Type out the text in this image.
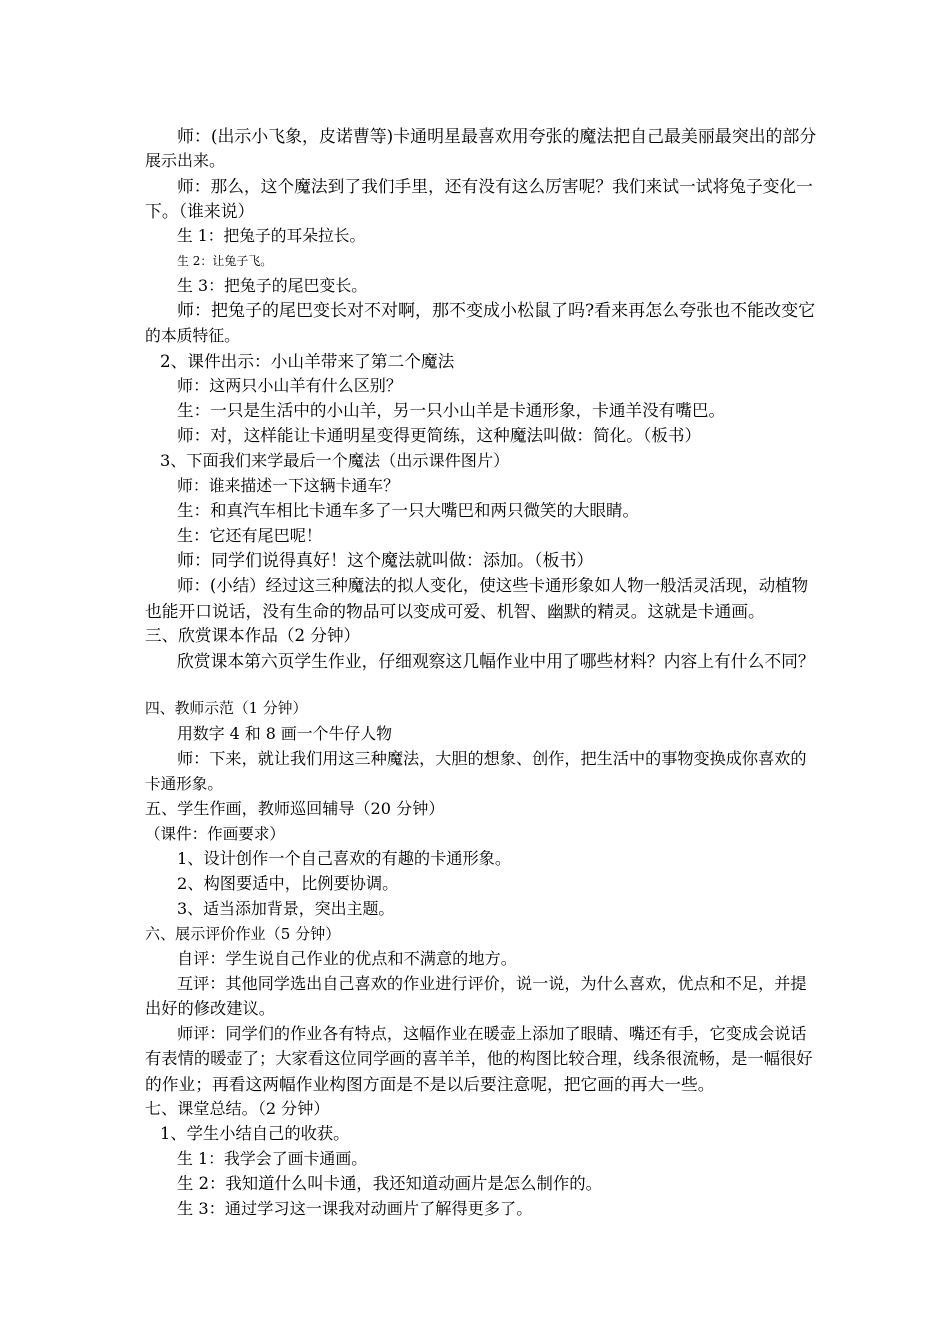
师：(出示小飞象，皮诺曹等)卡通明星最喜欢用夸张的魔法把自己最美丽最突出的部分
展示出来。
师：那么，这个魔法到了我们手里，还有没有这么厉害呢？我们来试一试将兔子变化一
下。（谁来说）
生 1：把兔子的耳朵拉长。
生 2：让兔子飞。
生 3：把兔子的尾巴变长。
师：把兔子的尾巴变长对不对啊，那不变成小松鼠了吗?看来再怎么夸张也不能改变它
的本质特征。
2、课件出示：小山羊带来了第二个魔法
师：这两只小山羊有什么区别？
生：一只是生活中的小山羊，另一只小山羊是卡通形象，卡通羊没有嘴巴。
师：对，这样能让卡通明星变得更简练，这种魔法叫做：简化。（板书）
3、下面我们来学最后一个魔法（出示课件图片）
师：谁来描述一下这辆卡通车？
生：和真汽车相比卡通车多了一只大嘴巴和两只微笑的大眼睛。
生：它还有尾巴呢！
师：同学们说得真好！这个魔法就叫做：添加。（板书）
师：(小结）经过这三种魔法的拟人变化，使这些卡通形象如人物一般活灵活现，动植物
也能开口说话，没有生命的物品可以变成可爱、机智、幽默的精灵。这就是卡通画。
三、欣赏课本作品（2 分钟）
欣赏课本第六页学生作业，仔细观察这几幅作业中用了哪些材料？内容上有什么不同？
四、教师示范（1 分钟）
用数字 4 和 8 画一个牛仔人物
师：下来，就让我们用这三种魔法，大胆的想象、创作，把生活中的事物变换成你喜欢的
卡通形象。
五、学生作画，教师巡回辅导（20 分钟）
（课件：作画要求）
1、设计创作一个自己喜欢的有趣的卡通形象。
2、构图要适中，比例要协调。
3、适当添加背景，突出主题。
六、展示评价作业（5 分钟）
自评：学生说自己作业的优点和不满意的地方。
互评：其他同学选出自己喜欢的作业进行评价，说一说，为什么喜欢，优点和不足，并提
出好的修改建议。
师评：同学们的作业各有特点，这幅作业在暖壶上添加了眼睛、嘴还有手，它变成会说话
有表情的暖壶了；大家看这位同学画的喜羊羊，他的构图比较合理，线条很流畅，是一幅很好
的作业；再看这两幅作业构图方面是不是以后要注意呢，把它画的再大一些。
七、课堂总结。（2 分钟）
1、学生小结自己的收获。
生 1：我学会了画卡通画。
生 2：我知道什么叫卡通，我还知道动画片是怎么制作的。
生 3：通过学习这一课我对动画片了解得更多了。
